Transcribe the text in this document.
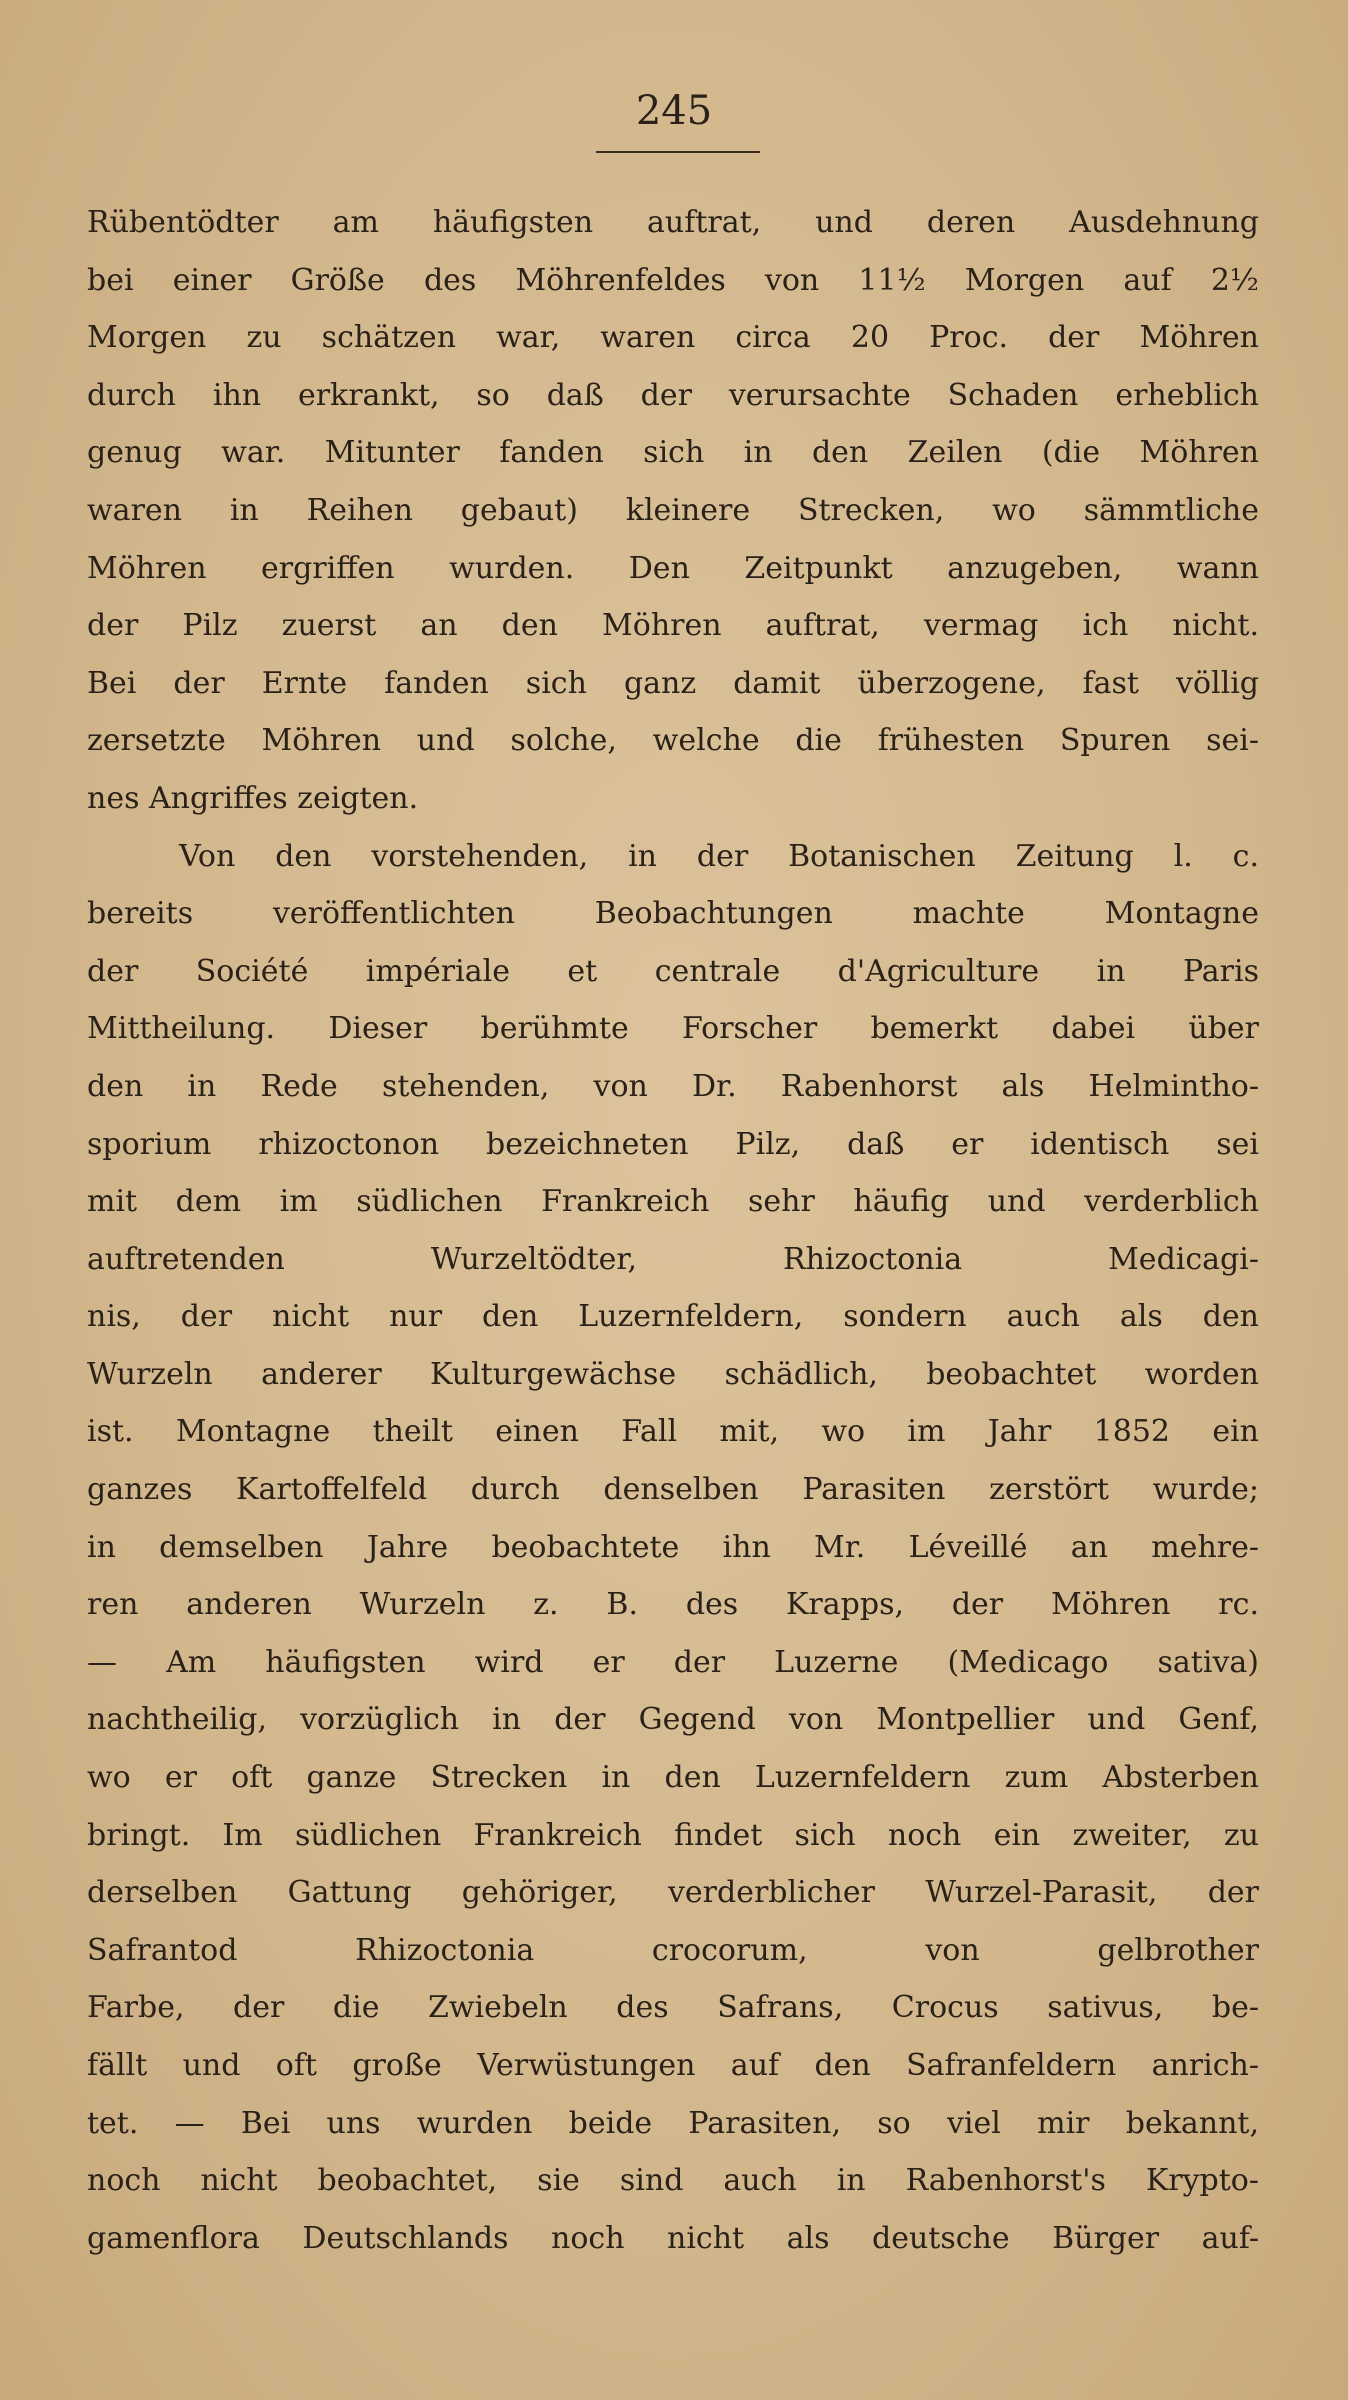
245
Rübentödter am häufigsten auftrat, und deren Ausdehnung
bei einer Größe des Möhrenfeldes von 11½ Morgen auf 2½
Morgen zu schätzen war, waren circa 20 Proc. der Möhren
durch ihn erkrankt, so daß der verursachte Schaden erheblich
genug war. Mitunter fanden sich in den Zeilen (die Möhren
waren in Reihen gebaut) kleinere Strecken, wo sämmtliche
Möhren ergriffen wurden. Den Zeitpunkt anzugeben, wann
der Pilz zuerst an den Möhren auftrat, vermag ich nicht.
Bei der Ernte fanden sich ganz damit überzogene, fast völlig
zersetzte Möhren und solche, welche die frühesten Spuren sei-
nes Angriffes zeigten.
Von den vorstehenden, in der Botanischen Zeitung l. c.
bereits veröffentlichten Beobachtungen machte Montagne
der Société impériale et centrale d'Agriculture in Paris
Mittheilung. Dieser berühmte Forscher bemerkt dabei über
den in Rede stehenden, von Dr. Rabenhorst als Helmintho-
sporium rhizoctonon bezeichneten Pilz, daß er identisch sei
mit dem im südlichen Frankreich sehr häufig und verderblich
auftretenden Wurzeltödter, Rhizoctonia Medicagi-
nis, der nicht nur den Luzernfeldern, sondern auch als den
Wurzeln anderer Kulturgewächse schädlich, beobachtet worden
ist. Montagne theilt einen Fall mit, wo im Jahr 1852 ein
ganzes Kartoffelfeld durch denselben Parasiten zerstört wurde;
in demselben Jahre beobachtete ihn Mr. Léveillé an mehre-
ren anderen Wurzeln z. B. des Krapps, der Möhren rc.
— Am häufigsten wird er der Luzerne (Medicago sativa)
nachtheilig, vorzüglich in der Gegend von Montpellier und Genf,
wo er oft ganze Strecken in den Luzernfeldern zum Absterben
bringt. Im südlichen Frankreich findet sich noch ein zweiter, zu
derselben Gattung gehöriger, verderblicher Wurzel-Parasit, der
Safrantod Rhizoctonia crocorum, von gelbrother
Farbe, der die Zwiebeln des Safrans, Crocus sativus, be-
fällt und oft große Verwüstungen auf den Safranfeldern anrich-
tet. — Bei uns wurden beide Parasiten, so viel mir bekannt,
noch nicht beobachtet, sie sind auch in Rabenhorst's Krypto-
gamenflora Deutschlands noch nicht als deutsche Bürger auf-
